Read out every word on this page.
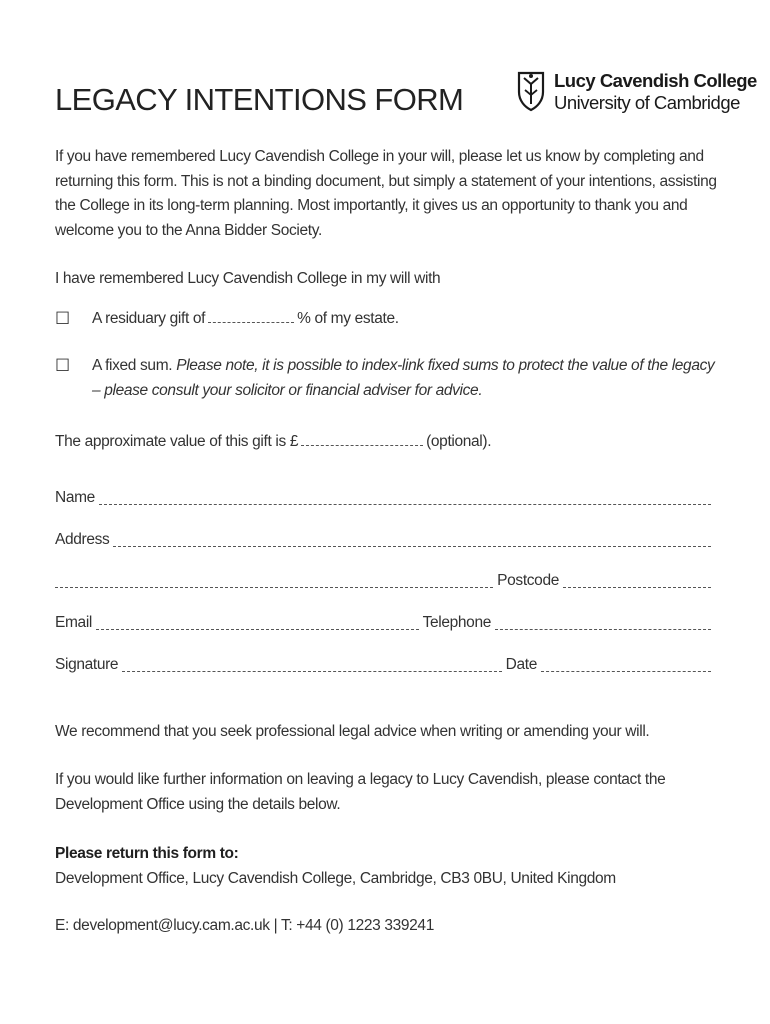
LEGACY INTENTIONS FORM
Lucy Cavendish College
University of Cambridge
If you have remembered Lucy Cavendish College in your will, please let us know by completing and returning this form. This is not a binding document, but simply a statement of your intentions, assisting the College in its long-term planning. Most importantly, it gives us an opportunity to thank you and welcome you to the Anna Bidder Society.
I have remembered Lucy Cavendish College in my will with
☐	A residuary gift of	% of my estate.
☐	A fixed sum. Please note, it is possible to index-link fixed sums to protect the value of the legacy – please consult your solicitor or financial adviser for advice.
The approximate value of this gift is £	(optional).
Name
Address
Postcode
Email	Telephone
Signature	Date
We recommend that you seek professional legal advice when writing or amending your will.
If you would like further information on leaving a legacy to Lucy Cavendish, please contact the Development Office using the details below.
Please return this form to:
Development Office, Lucy Cavendish College, Cambridge, CB3 0BU, United Kingdom
E: development@lucy.cam.ac.uk | T: +44 (0) 1223 339241
